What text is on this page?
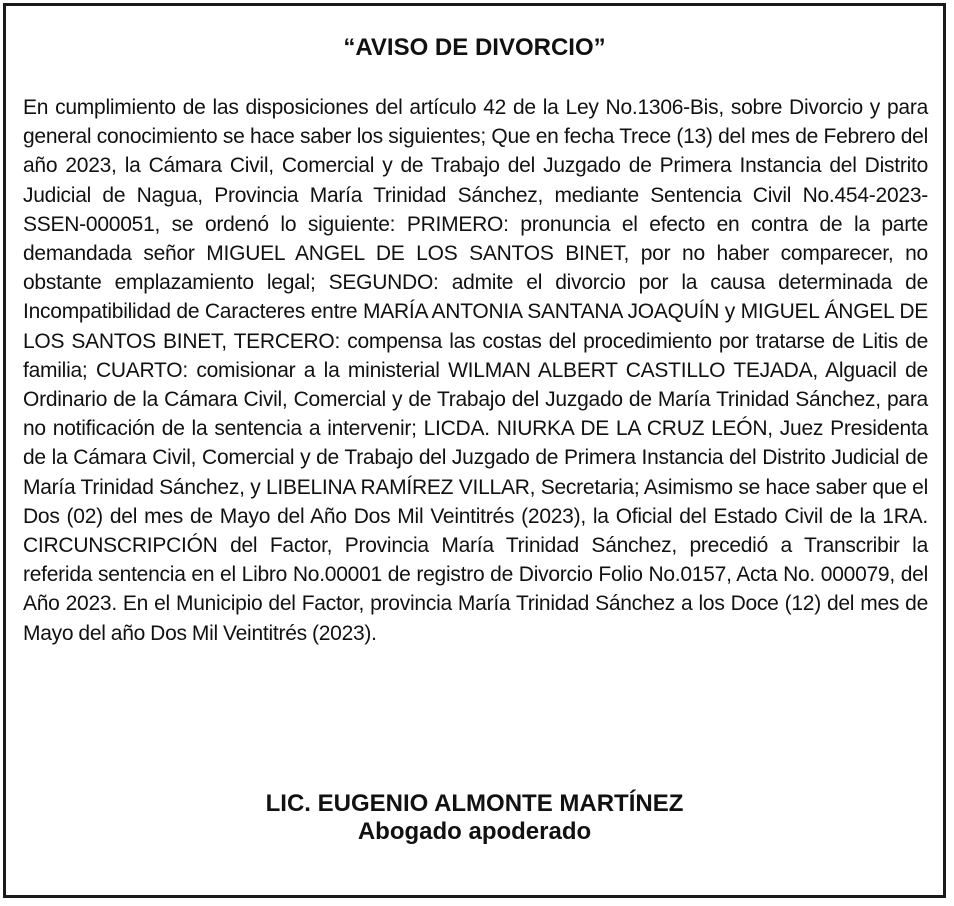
“AVISO DE DIVORCIO”

En cumplimiento de las disposiciones del artículo 42 de la Ley No.1306-Bis, sobre Divorcio y para general conocimiento se hace saber los siguientes; Que en fecha Trece (13) del mes de Febrero del año 2023, la Cámara Civil, Comercial y de Trabajo del Juzgado de Primera Instancia del Distrito Judicial de Nagua, Provincia María Trinidad Sánchez, mediante Sentencia Civil No.454-2023-SSEN-000051, se ordenó lo siguiente: PRIMERO: pronuncia el efecto en contra de la parte demandada señor MIGUEL ANGEL DE LOS SANTOS BINET, por no haber comparecer, no obstante emplazamiento legal; SEGUNDO: admite el divorcio por la causa determinada de Incompatibilidad de Caracteres entre MARÍA ANTONIA SANTANA JOAQUÍN y MIGUEL ÁNGEL DE LOS SANTOS BINET, TERCERO: compensa las costas del procedimiento por tratarse de Litis de familia; CUARTO: comisionar a la ministerial WILMAN ALBERT CASTILLO TEJADA, Alguacil de Ordinario de la Cámara Civil, Comercial y de Trabajo del Juzgado de María Trinidad Sánchez, para no notificación de la sentencia a intervenir; LICDA. NIURKA DE LA CRUZ LEÓN, Juez Presidenta de la Cámara Civil, Comercial y de Trabajo del Juzgado de Primera Instancia del Distrito Judicial de María Trinidad Sánchez, y LIBELINA RAMÍREZ VILLAR, Secretaria; Asimismo se hace saber que el Dos (02) del mes de Mayo del Año Dos Mil Veintitrés (2023), la Oficial del Estado Civil de la 1RA. CIRCUNSCRIPCIÓN del Factor, Provincia María Trinidad Sánchez, precedió a Transcribir la referida sentencia en el Libro No.00001 de registro de Divorcio Folio No.0157, Acta No. 000079, del Año 2023. En el Municipio del Factor, provincia María Trinidad Sánchez a los Doce (12) del mes de Mayo del año Dos Mil Veintitrés (2023).

LIC. EUGENIO ALMONTE MARTÍNEZ
Abogado apoderado
